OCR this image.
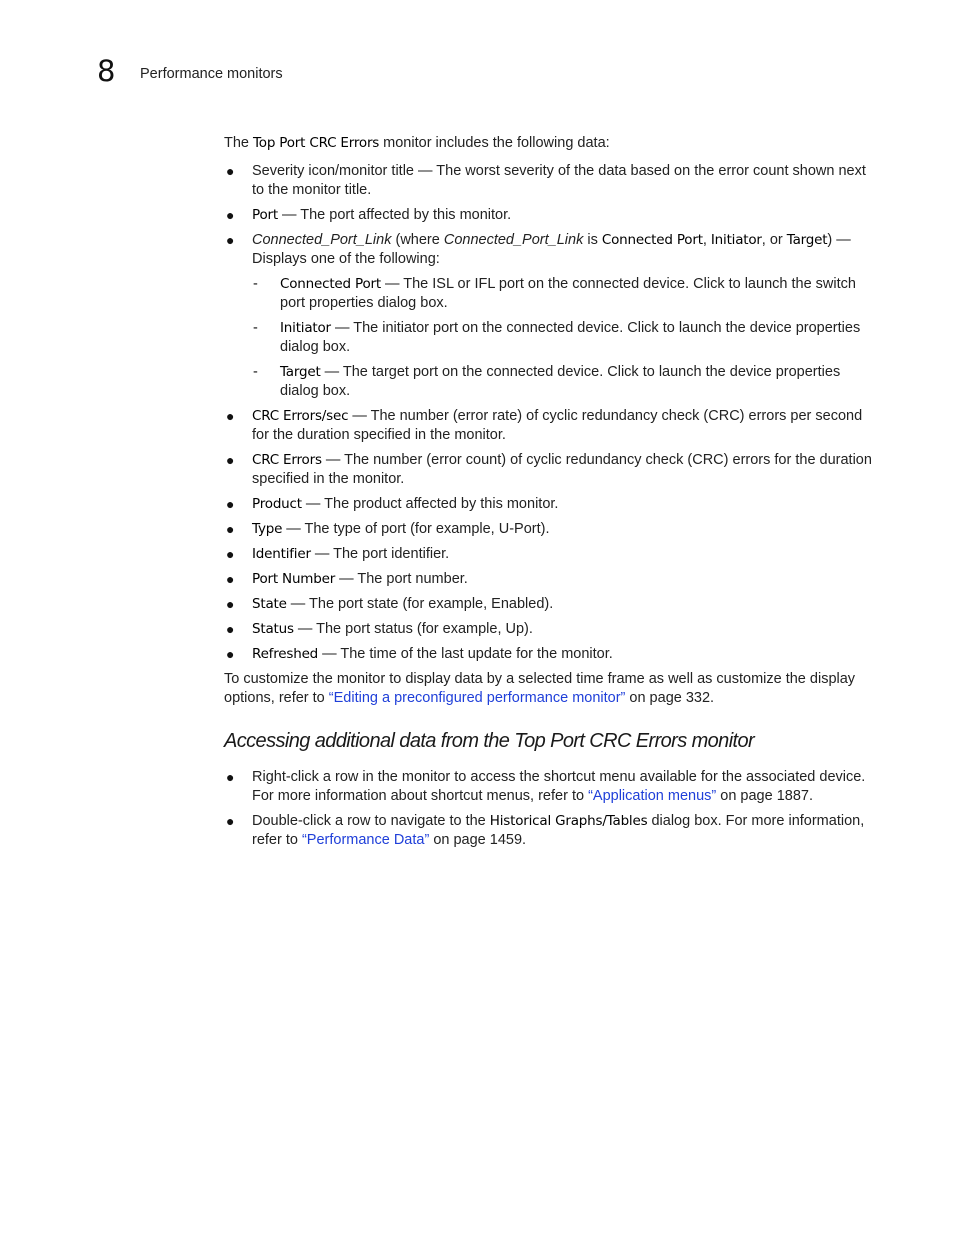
8 Performance monitors

The Top Port CRC Errors monitor includes the following data:

● Severity icon/monitor title — The worst severity of the data based on the error count shown next to the monitor title.
● Port — The port affected by this monitor.
● Connected_Port_Link (where Connected_Port_Link is Connected Port, Initiator, or Target) — Displays one of the following:
- Connected Port — The ISL or IFL port on the connected device. Click to launch the switch port properties dialog box.
- Initiator — The initiator port on the connected device. Click to launch the device properties dialog box.
- Target — The target port on the connected device. Click to launch the device properties dialog box.
● CRC Errors/sec — The number (error rate) of cyclic redundancy check (CRC) errors per second for the duration specified in the monitor.
● CRC Errors — The number (error count) of cyclic redundancy check (CRC) errors for the duration specified in the monitor.
● Product — The product affected by this monitor.
● Type — The type of port (for example, U-Port).
● Identifier — The port identifier.
● Port Number — The port number.
● State — The port state (for example, Enabled).
● Status — The port status (for example, Up).
● Refreshed — The time of the last update for the monitor.

To customize the monitor to display data by a selected time frame as well as customize the display options, refer to “Editing a preconfigured performance monitor” on page 332.

Accessing additional data from the Top Port CRC Errors monitor
● Right-click a row in the monitor to access the shortcut menu available for the associated device. For more information about shortcut menus, refer to “Application menus” on page 1887.
● Double-click a row to navigate to the Historical Graphs/Tables dialog box. For more information, refer to “Performance Data” on page 1459.
